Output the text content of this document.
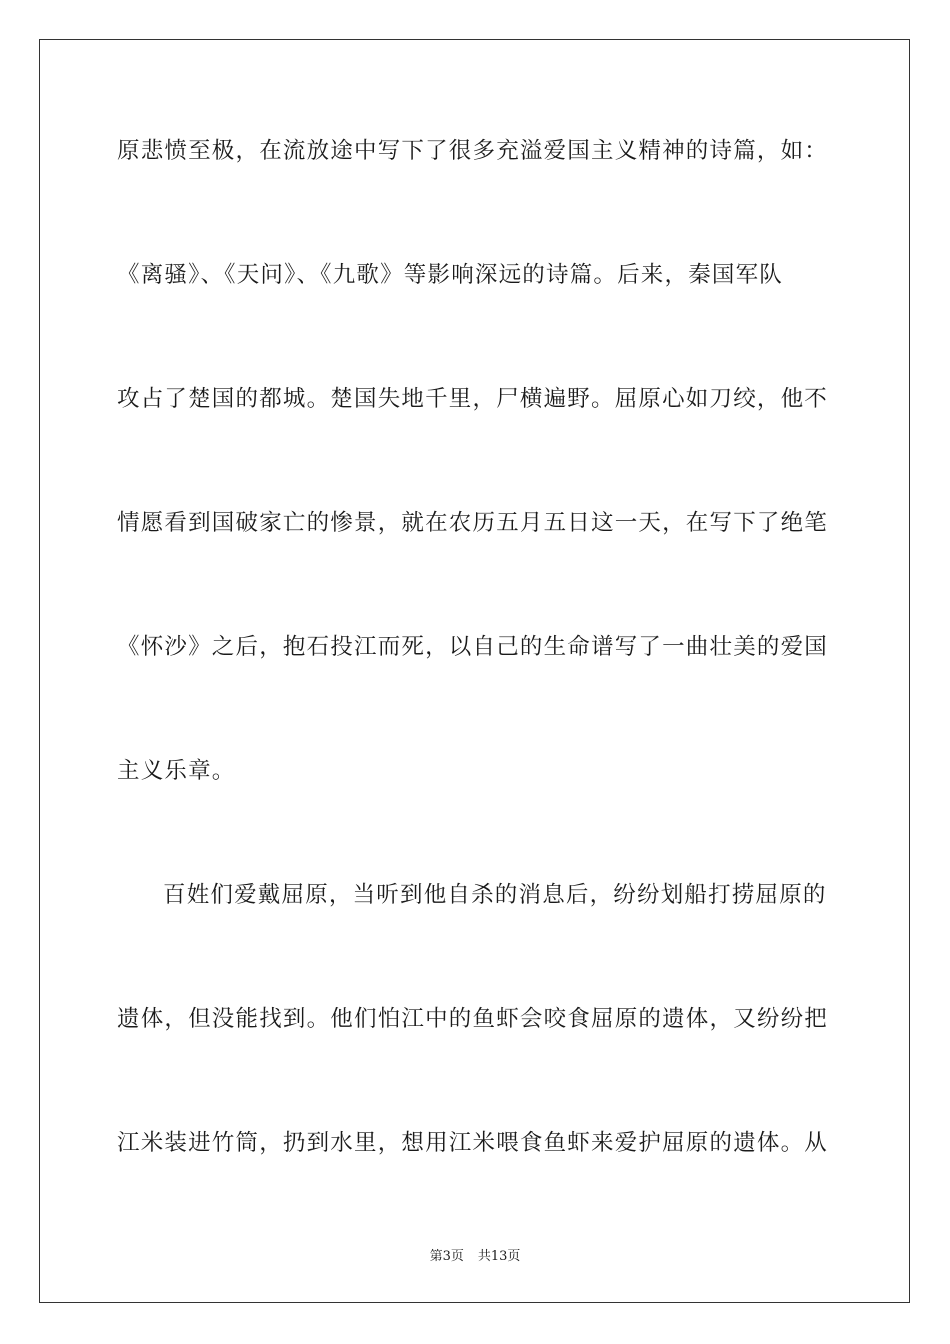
原悲愤至极，在流放途中写下了很多充溢爱国主义精神的诗篇，如：
《离骚》、《天问》、《九歌》等影响深远的诗篇。后来，秦国军队
攻占了楚国的都城。楚国失地千里，尸横遍野。屈原心如刀绞，他不
情愿看到国破家亡的惨景，就在农历五月五日这一天，在写下了绝笔
《怀沙》之后，抱石投江而死，以自己的生命谱写了一曲壮美的爱国
主义乐章。
百姓们爱戴屈原，当听到他自杀的消息后，纷纷划船打捞屈原的
遗体，但没能找到。他们怕江中的鱼虾会咬食屈原的遗体，又纷纷把
江米装进竹筒，扔到水里，想用江米喂食鱼虾来爱护屈原的遗体。从
第3页 共13页
